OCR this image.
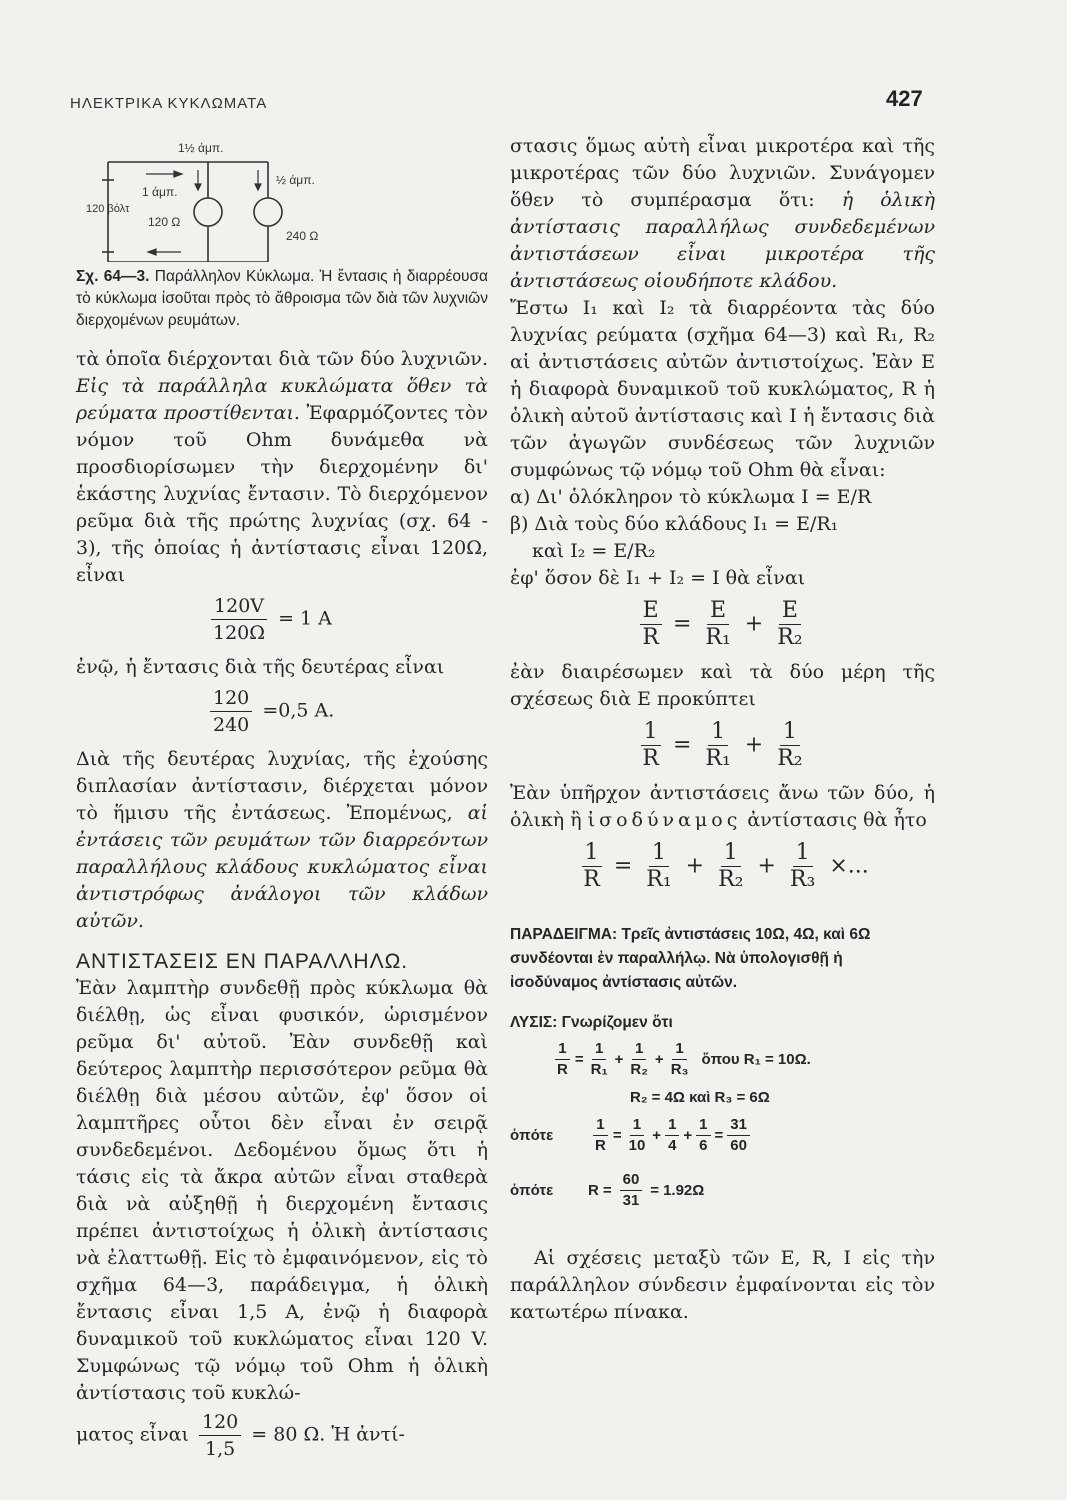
ΗΛΕΚΤΡΙΚΑ ΚΥΚΛΩΜΑΤΑ	427
1½ άμπ.
1 άμπ.
½ άμπ.
120 βόλτ
120 Ω
240 Ω

Σχ. 64—3. Παράλληλον Κύκλωμα. Ἡ ἔντασις ἡ διαρρέουσα τὸ κύκλωμα ἰσοῦται πρὸς τὸ ἄθροισμα τῶν διὰ τῶν λυχνιῶν διερχομένων ρευμάτων.

τὰ ὁποῖα διέρχονται διὰ τῶν δύο λυχνιῶν. Εἰς τὰ παράλληλα κυκλώματα ὅθεν τὰ ρεύματα προστίθενται. Ἐφαρμόζοντες τὸν νόμον τοῦ Ohm δυνάμεθα νὰ προσδιορίσωμεν τὴν διερχομένην δι' ἑκάστης λυχνίας ἔντασιν. Τὸ διερχόμενον ρεῦμα διὰ τῆς πρώτης λυχνίας (σχ. 64 - 3), τῆς ὁποίας ἡ ἀντίστασις εἶναι 120Ω, εἶναι

$\frac{120V}{120\Omega} = 1$ A

ἐνῷ, ἡ ἔντασις διὰ τῆς δευτέρας εἶναι

$\frac{120}{240} =0,5$ A.

Διὰ τῆς δευτέρας λυχνίας, τῆς ἐχούσης διπλασίαν ἀντίστασιν, διέρχεται μόνον τὸ ἥμισυ τῆς ἐντάσεως. Ἐπομένως, αἱ ἐντάσεις τῶν ρευμάτων τῶν διαρρεόντων παραλλήλους κλάδους κυκλώματος εἶναι ἀντιστρόφως ἀνάλογοι τῶν κλάδων αὐτῶν.

ΑΝΤΙΣΤΑΣΕΙΣ ΕΝ ΠΑΡΑΛΛΗΛΩ.

Ἐὰν λαμπτὴρ συνδεθῇ πρὸς κύκλωμα θὰ διέλθῃ, ὡς εἶναι φυσικόν, ὡρισμένον ρεῦμα δι' αὐτοῦ. Ἐὰν συνδεθῇ καὶ δεύτερος λαμπτὴρ περισσότερον ρεῦμα θὰ διέλθῃ διὰ μέσου αὐτῶν, ἐφ' ὅσον οἱ λαμπτῆρες οὗτοι δὲν εἶναι ἐν σειρᾷ συνδεδεμένοι. Δεδομένου ὅμως ὅτι ἡ τάσις εἰς τὰ ἄκρα αὐτῶν εἶναι σταθερὰ διὰ νὰ αὐξηθῇ ἡ διερχομένη ἔντασις πρέπει ἀντιστοίχως ἡ ὁλικὴ ἀντίστασις νὰ ἐλαττωθῇ. Εἰς τὸ ἐμφαινόμενον, εἰς τὸ σχῆμα 64—3, παράδειγμα, ἡ ὁλικὴ ἔντασις εἶναι 1,5 A, ἐνῷ ἡ διαφορὰ δυναμικοῦ τοῦ κυκλώματος εἶναι 120 V. Συμφώνως τῷ νόμῳ τοῦ Ohm ἡ ὁλικὴ ἀντίστασις τοῦ κυκλώ-

ματος εἶναι $\frac{120}{1,5} = 80$ Ω. Ἡ ἀντί-

στασις ὅμως αὐτὴ εἶναι μικροτέρα καὶ τῆς μικροτέρας τῶν δύο λυχνιῶν. Συνάγομεν ὅθεν τὸ συμπέρασμα ὅτι: ἡ ὁλικὴ ἀντίστασις παραλλήλως συνδεδεμένων ἀντιστάσεων εἶναι μικροτέρα τῆς ἀντιστάσεως οἱουδήποτε κλάδου.

Ἔστω I₁ καὶ I₂ τὰ διαρρέοντα τὰς δύο λυχνίας ρεύματα (σχῆμα 64—3) καὶ R₁, R₂ αἱ ἀντιστάσεις αὐτῶν ἀντιστοίχως. Ἐὰν E ἡ διαφορὰ δυναμικοῦ τοῦ κυκλώματος, R ἡ ὁλικὴ αὐτοῦ ἀντίστασις καὶ I ἡ ἔντασις διὰ τῶν ἀγωγῶν συνδέσεως τῶν λυχνιῶν συμφώνως τῷ νόμῳ τοῦ Ohm θὰ εἶναι:

α) Δι' ὁλόκληρον τὸ κύκλωμα I = E/R

β) Διὰ τοὺς δύο κλάδους I₁ = E/R₁

καὶ I₂ = E/R₂

ἐφ' ὅσον δὲ I₁ + I₂ = I θὰ εἶναι

$\frac{E}{R} = \frac{E}{\text{R₁}} + \frac{E}{\text{R₂}}$

ἐὰν διαιρέσωμεν καὶ τὰ δύο μέρη τῆς σχέσεως διὰ E προκύπτει

$\frac{1}{R} = \frac{1}{\text{R₁}} + \frac{1}{\text{R₂}}$

Ἐὰν ὑπῆρχον ἀντιστάσεις ἄνω τῶν δύο, ἡ ὁλικὴ ἢ ἰσοδύναμος ἀντίστασις θὰ ἦτο

$\frac{1}{R} = \frac{1}{\text{R₁}} + \frac{1}{\text{R₂}} + \frac{1}{\text{R₃}}$ ×...

ΠΑΡΑΔΕΙΓΜΑ: Τρεῖς ἀντιστάσεις 10Ω, 4Ω, καὶ 6Ω συνδέονται ἐν παραλλήλῳ. Νὰ ὑπολογισθῇ ἡ ἰσοδύναμος ἀντίστασις αὐτῶν.

ΛΥΣΙΣ: Γνωρίζομεν ὅτι

$\frac{1}{R} = \frac{1}{\text{R₁}} + \frac{1}{\text{R₂}} + \frac{1}{\text{R₃}}$ ὅπου R₁ = 10Ω.
R₂ = 4Ω καὶ R₃ = 6Ω
ὁπότε	$\frac{1}{R} = \frac{1}{10} + \frac{1}{4} + \frac{1}{6} = \frac{31}{60}$
ὁπότε	$R = \frac{60}{31} = 1.92\Omega$

Αἱ σχέσεις μεταξὺ τῶν E, R, I εἰς τὴν παράλληλον σύνδεσιν ἐμφαίνονται εἰς τὸν κατωτέρω πίνακα.
